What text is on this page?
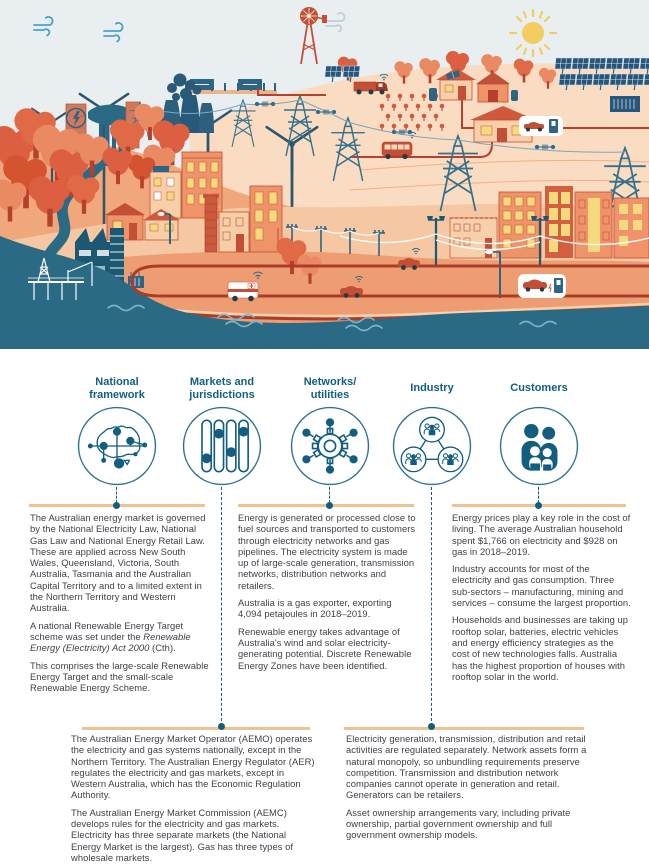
National
framework
Markets and
jurisdictions
Networks/
utilities
Industry	Customers

The Australian energy market is governed by the National Electricity Law, National Gas Law and National Energy Retail Law. These are applied across New South Wales, Queensland, Victoria, South Australia, Tasmania and the Australian Capital Territory and to a limited extent in the Northern Territory and Western Australia.

A national Renewable Energy Target scheme was set under the Renewable Energy (Electricity) Act 2000 (Cth).

This comprises the large-scale Renewable Energy Target and the small-scale Renewable Energy Scheme.

Energy is generated or processed close to fuel sources and transported to customers through electricity networks and gas pipelines. The electricity system is made up of large-scale generation, transmission networks, distribution networks and retailers.

Australia is a gas exporter, exporting 4,094 petajoules in 2018–2019.

Renewable energy takes advantage of Australia's wind and solar electricity-generating potential. Discrete Renewable Energy Zones have been identified.

Energy prices play a key role in the cost of living. The average Australian household spent $1,766 on electricity and $928 on gas in 2018–2019.

Industry accounts for most of the electricity and gas consumption. Three sub-sectors – manufacturing, mining and services – consume the largest proportion.

Households and businesses are taking up rooftop solar, batteries, electric vehicles and energy efficiency strategies as the cost of new technologies falls. Australia has the highest proportion of houses with rooftop solar in the world.

The Australian Energy Market Operator (AEMO) operates the electricity and gas systems nationally, except in the Northern Territory. The Australian Energy Regulator (AER) regulates the electricity and gas markets, except in Western Australia, which has the Economic Regulation Authority.

The Australian Energy Market Commission (AEMC) develops rules for the electricity and gas markets. Electricity has three separate markets (the National Energy Market is the largest). Gas has three types of wholesale markets.

Electricity generation, transmission, distribution and retail activities are regulated separately. Network assets form a natural monopoly, so unbundling requirements preserve competition. Transmission and distribution network companies cannot operate in generation and retail. Generators can be retailers.

Asset ownership arrangements vary, including private ownership, partial government ownership and full government ownership models.
